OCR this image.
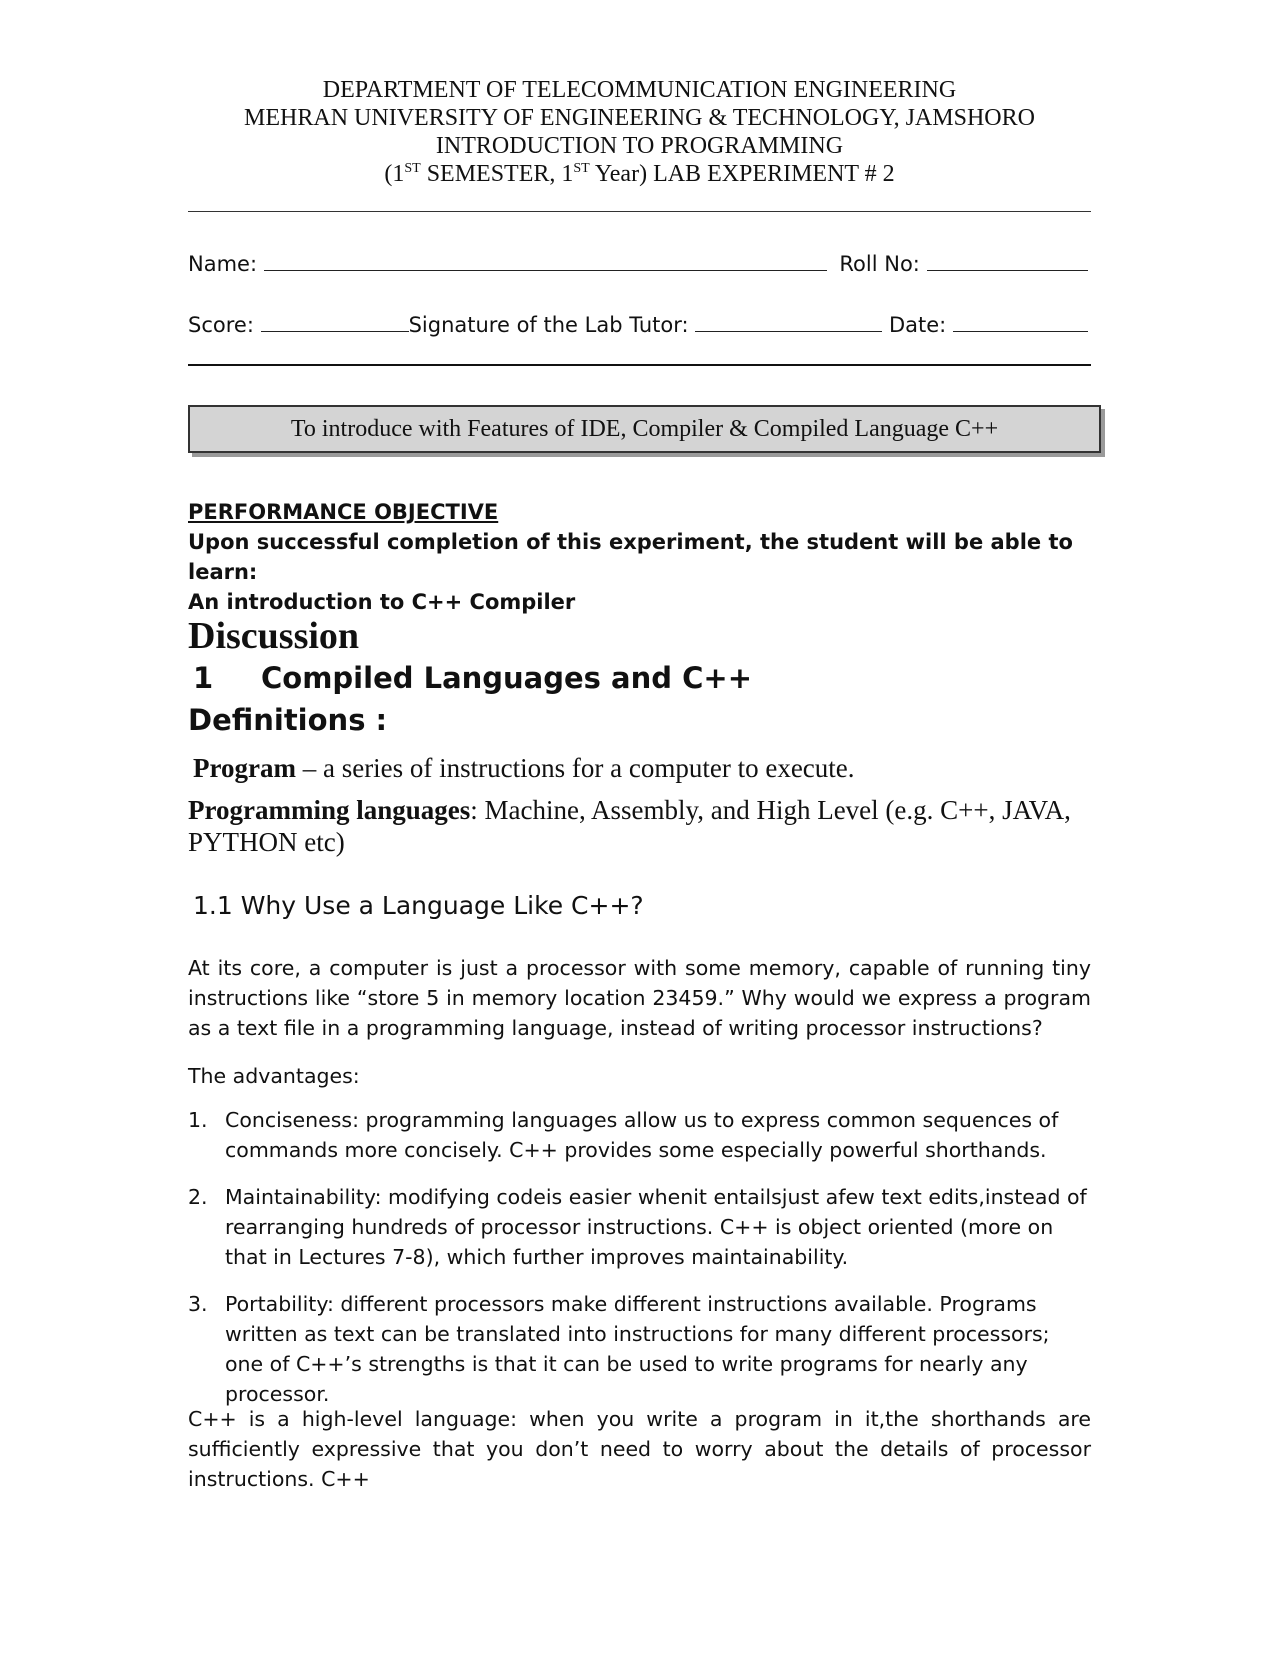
DEPARTMENT OF TELECOMMUNICATION ENGINEERING
MEHRAN UNIVERSITY OF ENGINEERING & TECHNOLOGY, JAMSHORO
INTRODUCTION TO PROGRAMMING
(1ST SEMESTER, 1ST Year) LAB EXPERIMENT # 2
Name:	Roll No:
Score:	Signature of the Lab Tutor:	Date:
To introduce with Features of IDE, Compiler & Compiled Language C++
PERFORMANCE OBJECTIVE
Upon successful completion of this experiment, the student will be able to learn:
An introduction to C++ Compiler
Discussion
1 Compiled Languages and C++
Definitions :
Program – a series of instructions for a computer to execute.
Programming languages: Machine, Assembly, and High Level (e.g. C++, JAVA, PYTHON etc)
1.1 Why Use a Language Like C++?
At its core, a computer is just a processor with some memory, capable of running tiny instructions like “store 5 in memory location 23459.” Why would we express a program as a text file in a programming language, instead of writing processor instructions?
The advantages:
1. Conciseness: programming languages allow us to express common sequences of commands more concisely. C++ provides some especially powerful shorthands.
2. Maintainability: modifying codeis easier whenit entailsjust afew text edits,instead of rearranging hundreds of processor instructions. C++ is object oriented (more on that in Lectures 7-8), which further improves maintainability.
3. Portability: different processors make different instructions available. Programs written as text can be translated into instructions for many different processors; one of C++’s strengths is that it can be used to write programs for nearly any processor.
C++ is a high-level language: when you write a program in it,the shorthands are sufficiently expressive that you don’t need to worry about the details of processor instructions. C++
